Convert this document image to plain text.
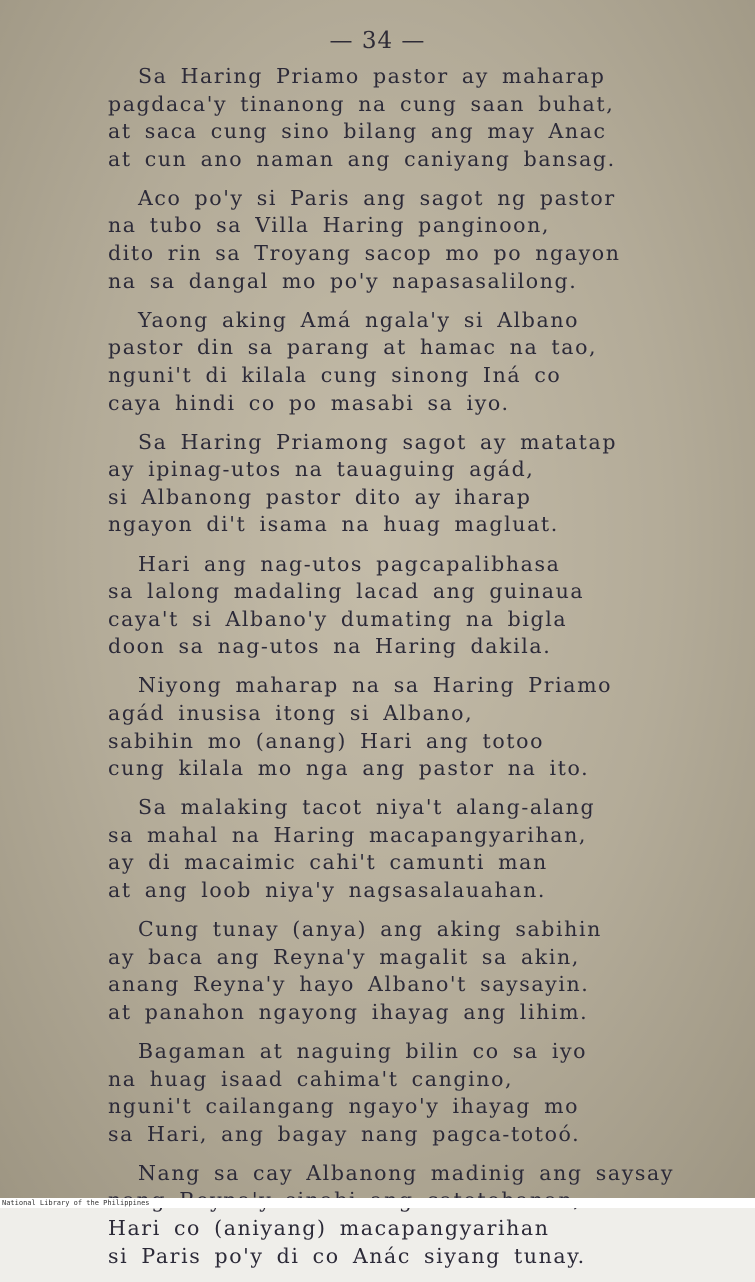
— 34 —
Sa Haring Priamo pastor ay maharap
pagdaca'y tinanong na cung saan buhat,
at saca cung sino bilang ang may Anac
at cun ano naman ang caniyang bansag.
Aco po'y si Paris ang sagot ng pastor
na tubo sa Villa Haring panginoon,
dito rin sa Troyang sacop mo po ngayon
na sa dangal mo po'y napasasalilong.
Yaong aking Amá ngala'y si Albano
pastor din sa parang at hamac na tao,
nguni't di kilala cung sinong Iná co
caya hindi co po masabi sa iyo.
Sa Haring Priamong sagot ay matatap
ay ipinag-utos na tauaguing agád,
si Albanong pastor dito ay iharap
ngayon di't isama na huag magluat.
Hari ang nag-utos pagcapalibhasa
sa lalong madaling lacad ang guinaua
caya't si Albano'y dumating na bigla
doon sa nag-utos na Haring dakila.
Niyong maharap na sa Haring Priamo
agád inusisa itong si Albano,
sabihin mo (anang) Hari ang totoo
cung kilala mo nga ang pastor na ito.
Sa malaking tacot niya't alang-alang
sa mahal na Haring macapangyarihan,
ay di macaimic cahi't camunti man
at ang loob niya'y nagsasalauahan.
Cung tunay (anya) ang aking sabihin
ay baca ang Reyna'y magalit sa akin,
anang Reyna'y hayo Albano't saysayin.
at panahon ngayong ihayag ang lihim.
Bagaman at naguing bilin co sa iyo
na huag isaad cahima't cangino,
nguni't cailangang ngayo'y ihayag mo
sa Hari, ang bagay nang pagca-totoó.
Nang sa cay Albanong madinig ang saysay
Hari co (aniyang) macapangyarihan
si Paris po'y di co Anác siyang tunay.
National Library of the Philippines
